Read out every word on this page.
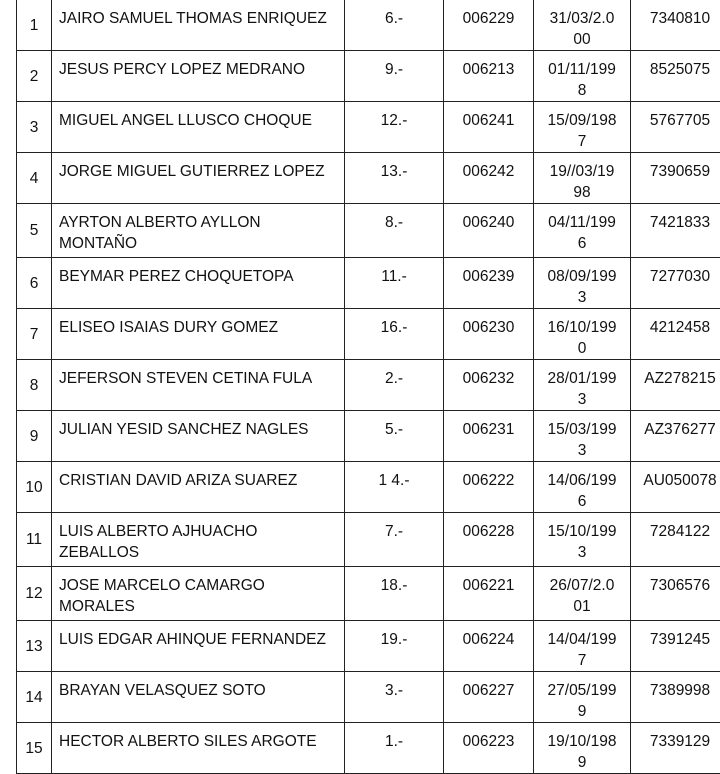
1	JAIRO SAMUEL THOMAS ENRIQUEZ	6.-	006229	31/03/2.0
00	7340810	
2	JESUS PERCY LOPEZ MEDRANO	9.-	006213	01/11/199
8	8525075	
3	MIGUEL ANGEL LLUSCO CHOQUE	12.-	006241	15/09/198
7	5767705	
4	JORGE MIGUEL GUTIERREZ LOPEZ	13.-	006242	19//03/19
98	7390659	
5	AYRTON ALBERTO AYLLON MONTAÑO	8.-	006240	04/11/199
6	7421833	
6	BEYMAR PEREZ CHOQUETOPA	11.-	006239	08/09/199
3	7277030	
7	ELISEO ISAIAS DURY GOMEZ	16.-	006230	16/10/199
0	4212458	
8	JEFERSON STEVEN CETINA FULA	2.-	006232	28/01/199
3	AZ278215	
9	JULIAN YESID SANCHEZ NAGLES	5.-	006231	15/03/199
3	AZ376277	
10	CRISTIAN DAVID ARIZA SUAREZ	1 4.-	006222	14/06/199
6	AU050078	
11	LUIS ALBERTO AJHUACHO ZEBALLOS	7.-	006228	15/10/199
3	7284122	
12	JOSE MARCELO CAMARGO MORALES	18.-	006221	26/07/2.0
01	7306576	
13	LUIS EDGAR AHINQUE FERNANDEZ	19.-	006224	14/04/199
7	7391245	
14	BRAYAN VELASQUEZ SOTO	3.-	006227	27/05/199
9	7389998	
15	HECTOR ALBERTO SILES ARGOTE	1.-	006223	19/10/198
9	7339129	
